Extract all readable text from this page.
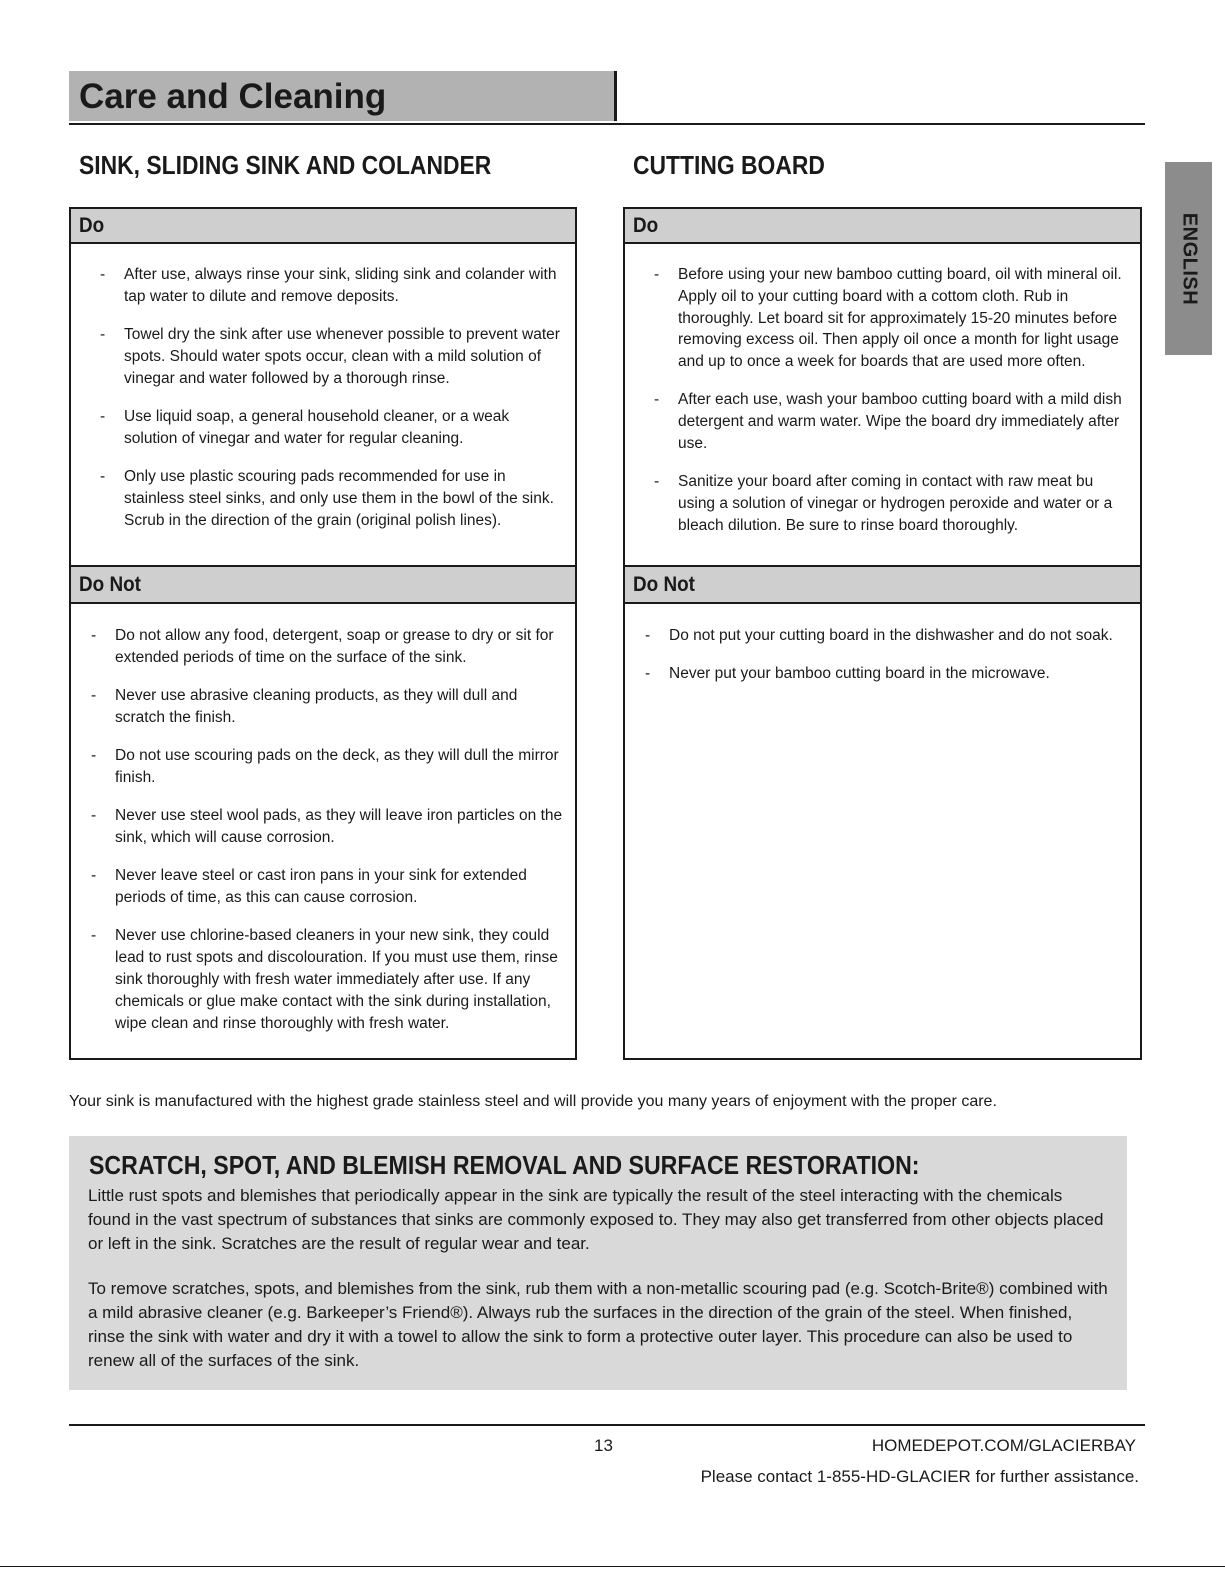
Care and Cleaning
ENGLISH
SINK, SLIDING SINK AND COLANDER
Do
- After use, always rinse your sink, sliding sink and colander with tap water to dilute and remove deposits.
- Towel dry the sink after use whenever possible to prevent water spots. Should water spots occur, clean with a mild solution of vinegar and water followed by a thorough rinse.
- Use liquid soap, a general household cleaner, or a weak solution of vinegar and water for regular cleaning.
- Only use plastic scouring pads recommended for use in stainless steel sinks, and only use them in the bowl of the sink. Scrub in the direction of the grain (original polish lines).
Do Not
- Do not allow any food, detergent, soap or grease to dry or sit for extended periods of time on the surface of the sink.
- Never use abrasive cleaning products, as they will dull and scratch the finish.
- Do not use scouring pads on the deck, as they will dull the mirror finish.
- Never use steel wool pads, as they will leave iron particles on the sink, which will cause corrosion.
- Never leave steel or cast iron pans in your sink for extended periods of time, as this can cause corrosion.
- Never use chlorine-based cleaners in your new sink, they could lead to rust spots and discolouration. If you must use them, rinse sink thoroughly with fresh water immediately after use. If any chemicals or glue make contact with the sink during installation, wipe clean and rinse thoroughly with fresh water.
CUTTING BOARD
Do
- Before using your new bamboo cutting board, oil with mineral oil. Apply oil to your cutting board with a cottom cloth. Rub in thoroughly. Let board sit for approximately 15-20 minutes before removing excess oil. Then apply oil once a month for light usage and up to once a week for boards that are used more often.
- After each use, wash your bamboo cutting board with a mild dish detergent and warm water. Wipe the board dry immediately after use.
- Sanitize your board after coming in contact with raw meat bu using a solution of vinegar or hydrogen peroxide and water or a bleach dilution. Be sure to rinse board thoroughly.
Do Not
- Do not put your cutting board in the dishwasher and do not soak.
- Never put your bamboo cutting board in the microwave.
Your sink is manufactured with the highest grade stainless steel and will provide you many years of enjoyment with the proper care.
SCRATCH, SPOT, AND BLEMISH REMOVAL AND SURFACE RESTORATION:

Little rust spots and blemishes that periodically appear in the sink are typically the result of the steel interacting with the chemicals found in the vast spectrum of substances that sinks are commonly exposed to. They may also get transferred from other objects placed or left in the sink. Scratches are the result of regular wear and tear.

To remove scratches, spots, and blemishes from the sink, rub them with a non-metallic scouring pad (e.g. Scotch-Brite®) combined with a mild abrasive cleaner (e.g. Barkeeper’s Friend®). Always rub the surfaces in the direction of the grain of the steel. When finished, rinse the sink with water and dry it with a towel to allow the sink to form a protective outer layer. This procedure can also be used to renew all of the surfaces of the sink.

13	HOMEDEPOT.COM/GLACIERBAY
Please contact 1-855-HD-GLACIER for further assistance.
